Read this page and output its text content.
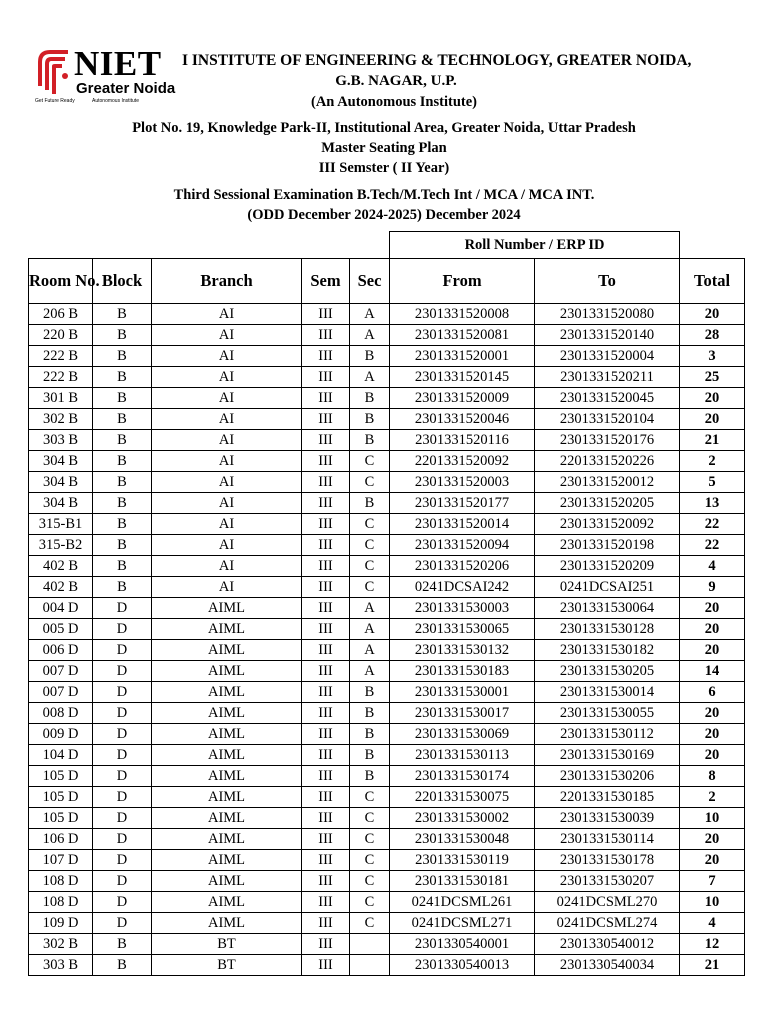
NIET
Greater Noida
Get Future Ready	Autonomous Institute
I INSTITUTE OF ENGINEERING & TECHNOLOGY, GREATER NOIDA,
G.B. NAGAR, U.P.
(An Autonomous Institute)
Plot No. 19, Knowledge Park-II, Institutional Area, Greater Noida, Uttar Pradesh
Master Seating Plan
III Semster ( II Year)
Third Sessional Examination B.Tech/M.Tech Int / MCA / MCA INT.
(ODD December 2024-2025) December 2024
					Roll Number / ERP ID		
Room No.	Block	Branch	Sem	Sec	From	To	Total
206 B	B	AI	III	A	2301331520008	2301331520080	20
220 B	B	AI	III	A	2301331520081	2301331520140	28
222 B	B	AI	III	B	2301331520001	2301331520004	3
222 B	B	AI	III	A	2301331520145	2301331520211	25
301 B	B	AI	III	B	2301331520009	2301331520045	20
302 B	B	AI	III	B	2301331520046	2301331520104	20
303 B	B	AI	III	B	2301331520116	2301331520176	21
304 B	B	AI	III	C	2201331520092	2201331520226	2
304 B	B	AI	III	C	2301331520003	2301331520012	5
304 B	B	AI	III	B	2301331520177	2301331520205	13
315-B1	B	AI	III	C	2301331520014	2301331520092	22
315-B2	B	AI	III	C	2301331520094	2301331520198	22
402 B	B	AI	III	C	2301331520206	2301331520209	4
402 B	B	AI	III	C	0241DCSAI242	0241DCSAI251	9
004 D	D	AIML	III	A	2301331530003	2301331530064	20
005 D	D	AIML	III	A	2301331530065	2301331530128	20
006 D	D	AIML	III	A	2301331530132	2301331530182	20
007 D	D	AIML	III	A	2301331530183	2301331530205	14
007 D	D	AIML	III	B	2301331530001	2301331530014	6
008 D	D	AIML	III	B	2301331530017	2301331530055	20
009 D	D	AIML	III	B	2301331530069	2301331530112	20
104 D	D	AIML	III	B	2301331530113	2301331530169	20
105 D	D	AIML	III	B	2301331530174	2301331530206	8
105 D	D	AIML	III	C	2201331530075	2201331530185	2
105 D	D	AIML	III	C	2301331530002	2301331530039	10
106 D	D	AIML	III	C	2301331530048	2301331530114	20
107 D	D	AIML	III	C	2301331530119	2301331530178	20
108 D	D	AIML	III	C	2301331530181	2301331530207	7
108 D	D	AIML	III	C	0241DCSML261	0241DCSML270	10
109 D	D	AIML	III	C	0241DCSML271	0241DCSML274	4
302 B	B	BT	III		2301330540001	2301330540012	12
303 B	B	BT	III		2301330540013	2301330540034	21
